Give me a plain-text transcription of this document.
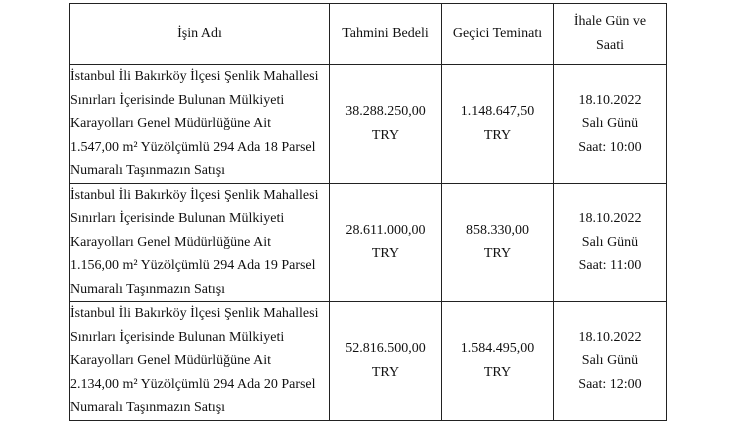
İşin Adı	Tahmini Bedeli	Geçici Teminatı	İhale Gün ve
Saati

İstanbul İli Bakırköy İlçesi Şenlik Mahallesi
Sınırları İçerisinde Bulunan Mülkiyeti
Karayolları Genel Müdürlüğüne Ait
1.547,00 m² Yüzölçümlü 294 Ada 18 Parsel
Numaralı Taşınmazın Satışı	38.288.250,00
TRY	1.148.647,50
TRY	18.10.2022
Salı Günü
Saat: 10:00

İstanbul İli Bakırköy İlçesi Şenlik Mahallesi
Sınırları İçerisinde Bulunan Mülkiyeti
Karayolları Genel Müdürlüğüne Ait
1.156,00 m² Yüzölçümlü 294 Ada 19 Parsel
Numaralı Taşınmazın Satışı	28.611.000,00
TRY	858.330,00
TRY	18.10.2022
Salı Günü
Saat: 11:00

İstanbul İli Bakırköy İlçesi Şenlik Mahallesi
Sınırları İçerisinde Bulunan Mülkiyeti
Karayolları Genel Müdürlüğüne Ait
2.134,00 m² Yüzölçümlü 294 Ada 20 Parsel
Numaralı Taşınmazın Satışı	52.816.500,00
TRY	1.584.495,00
TRY	18.10.2022
Salı Günü
Saat: 12:00
